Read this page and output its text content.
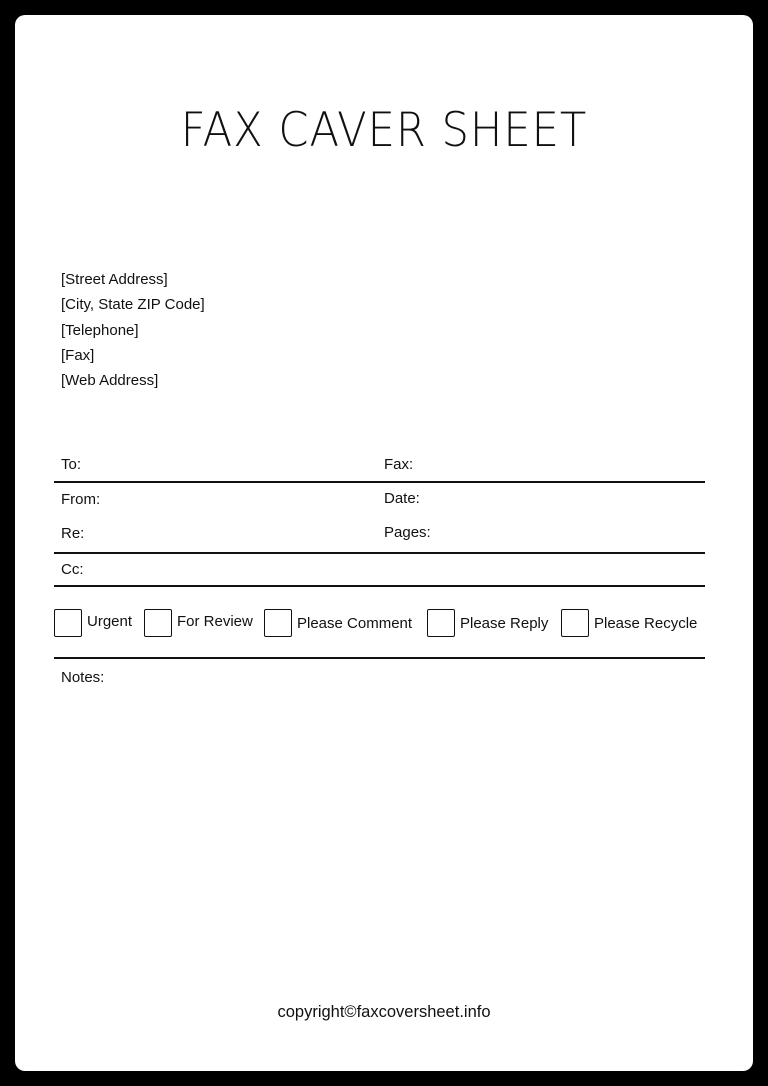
FAX CAVER SHEET
[Street Address]
[City, State ZIP Code]
[Telephone]
[Fax]
[Web Address]
To:	Fax:
From:	Date:
Re:	Pages:
Cc:
Urgent	For Review	Please Comment	Please Reply	Please Recycle
Notes:
copyright©faxcoversheet.info
